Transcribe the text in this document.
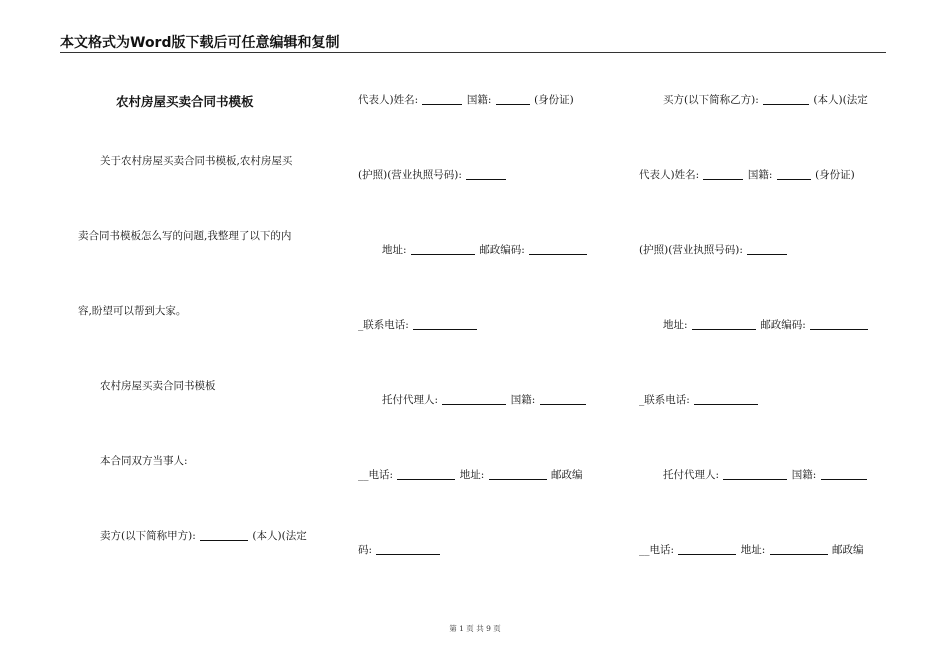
本文格式为Word版下载后可任意编辑和复制
农村房屋买卖合同书模板
关于农村房屋买卖合同书模板,农村房屋买
卖合同书模板怎么写的问题,我整理了以下的内
容,盼望可以帮到大家。
农村房屋买卖合同书模板
本合同双方当事人:
卖方(以下简称甲方):	(本人)(法定
代表人)姓名:	国籍:	(身份证)
(护照)(营业执照号码):
地址:	邮政编码:
_联系电话:
托付代理人:	国籍:
__电话:	地址:	邮政编
码:
买方(以下简称乙方):	(本人)(法定
代表人)姓名:	国籍:	(身份证)
(护照)(营业执照号码):
地址:	邮政编码:
_联系电话:
托付代理人:	国籍:
__电话:	地址:	邮政编
第 1 页 共 9 页
